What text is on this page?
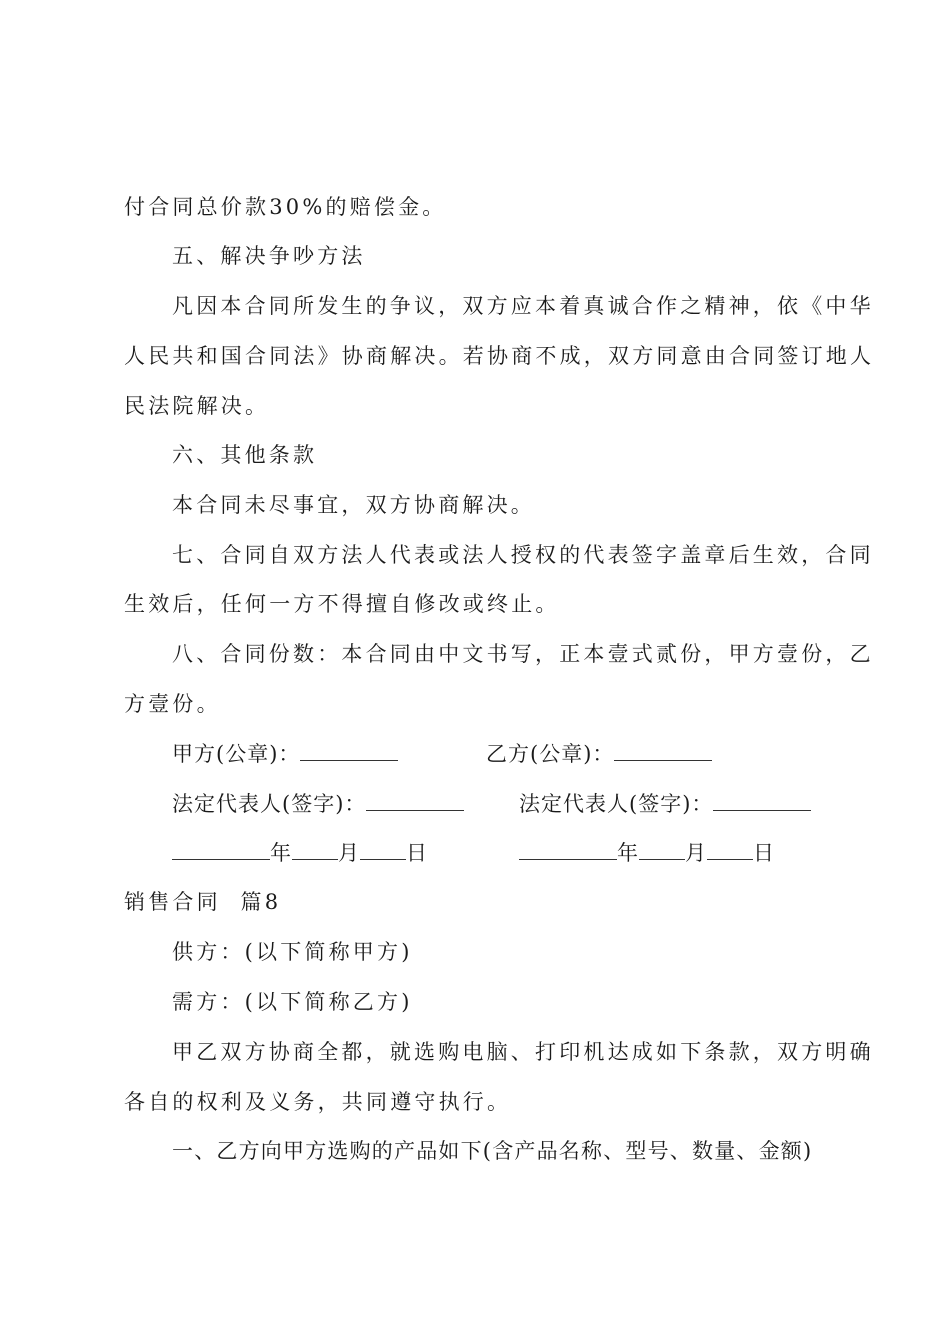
付合同总价款30%的赔偿金。
五、解决争吵方法
凡因本合同所发生的争议，双方应本着真诚合作之精神，依《中华
人民共和国合同法》协商解决。若协商不成，双方同意由合同签订地人
民法院解决。
六、其他条款
本合同未尽事宜，双方协商解决。
七、合同自双方法人代表或法人授权的代表签字盖章后生效，合同
生效后，任何一方不得擅自修改或终止。
八、合同份数：本合同由中文书写，正本壹式贰份，甲方壹份，乙
方壹份。
甲方(公章)：	乙方(公章)：
法定代表人(签字)：	法定代表人(签字)：
年 月 日	年 月 日
销售合同  篇8
供方：(以下简称甲方)
需方：(以下简称乙方)
甲乙双方协商全都，就选购电脑、打印机达成如下条款，双方明确
各自的权利及义务，共同遵守执行。
一、乙方向甲方选购的产品如下(含产品名称、型号、数量、金额)
